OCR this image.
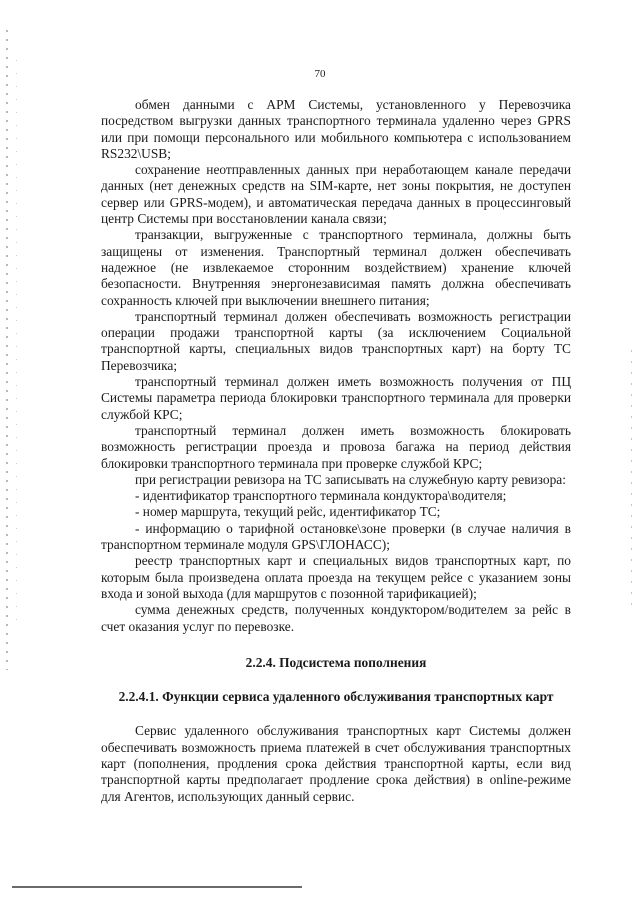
70

обмен данными с АРМ Системы, установленного у Перевозчика посредством выгрузки данных транспортного терминала удаленно через GPRS или при помощи персонального или мобильного компьютера с использованием RS232\USB;

сохранение неотправленных данных при неработающем канале передачи данных (нет денежных средств на SIM-карте, нет зоны покрытия, не доступен сервер или GPRS-модем), и автоматическая передача данных в процессинговый центр Системы при восстановлении канала связи;

транзакции, выгруженные с транспортного терминала, должны быть защищены от изменения. Транспортный терминал должен обеспечивать надежное (не извлекаемое сторонним воздействием) хранение ключей безопасности. Внутренняя энергонезависимая память должна обеспечивать сохранность ключей при выключении внешнего питания;

транспортный терминал должен обеспечивать возможность регистрации операции продажи транспортной карты (за исключением Социальной транспортной карты, специальных видов транспортных карт) на борту ТС Перевозчика;

транспортный терминал должен иметь возможность получения от ПЦ Системы параметра периода блокировки транспортного терминала для проверки службой КРС;

транспортный терминал должен иметь возможность блокировать возможность регистрации проезда и провоза багажа на период действия блокировки транспортного терминала при проверке службой КРС;

при регистрации ревизора на ТС записывать на служебную карту ревизора:

- идентификатор транспортного терминала кондуктора\водителя;

- номер маршрута, текущий рейс, идентификатор ТС;

- информацию о тарифной остановке\зоне проверки (в случае наличия в транспортном терминале модуля GPS\ГЛОНАСС);

реестр транспортных карт и специальных видов транспортных карт, по которым была произведена оплата проезда на текущем рейсе с указанием зоны входа и зоной выхода (для маршрутов с позонной тарификацией);

сумма денежных средств, полученных кондуктором/водителем за рейс в счет оказания услуг по перевозке.

2.2.4. Подсистема пополнения

2.2.4.1. Функции сервиса удаленного обслуживания транспортных карт

Сервис удаленного обслуживания транспортных карт Системы должен обеспечивать возможность приема платежей в счет обслуживания транспортных карт (пополнения, продления срока действия транспортной карты, если вид транспортной карты предполагает продление срока действия) в online-режиме для Агентов, использующих данный сервис.
